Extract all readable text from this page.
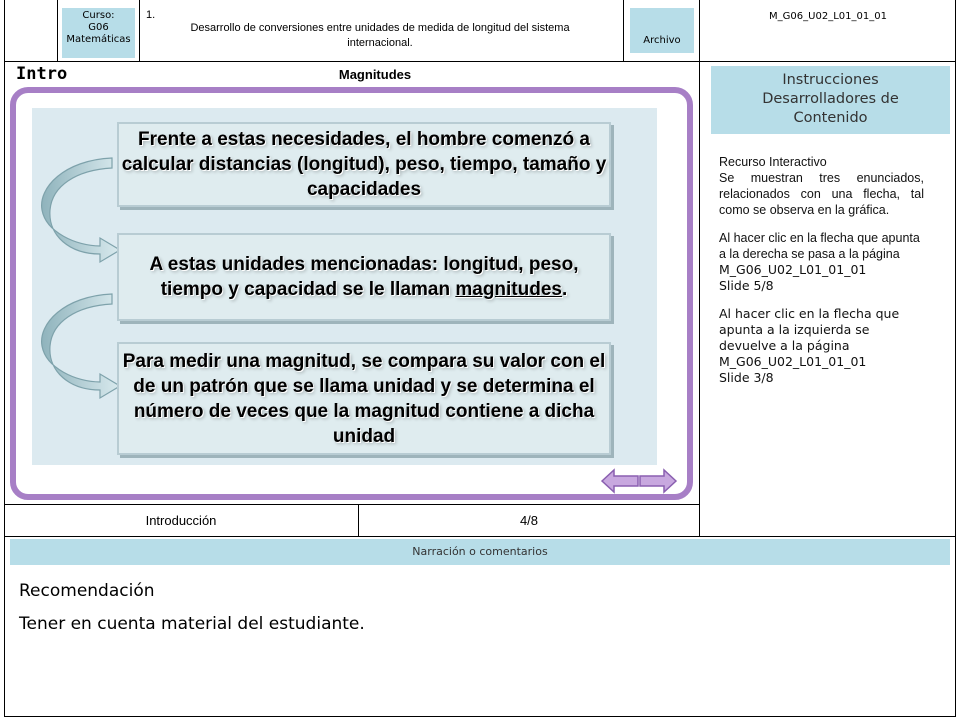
Curso:
G06
Matemáticas
1.
Desarrollo de conversiones entre unidades de medida de longitud del sistema internacional.	Archivo
M_G06_U02_L01_01_01
Intro	Magnitudes
Frente a estas necesidades, el hombre comenzó a calcular distancias (longitud), peso, tiempo, tamaño y capacidades
A estas unidades mencionadas: longitud, peso, tiempo y capacidad se le llaman magnitudes.
Para medir una magnitud, se compara su valor con el de un patrón que se llama unidad y se determina el número de veces que la magnitud contiene a dicha unidad
Introducción	4/8
Instrucciones
Desarrolladores de
Contenido
Recurso Interactivo
Se muestran tres enunciados, relacionados con una flecha, tal como se observa en la gráfica.
Al hacer clic en la flecha que apunta a la derecha se pasa a la página
M_G06_U02_L01_01_01
Slide 5/8
Al hacer clic en la flecha que apunta a la izquierda se devuelve a la página
M_G06_U02_L01_01_01
Slide 3/8
Narración o comentarios
Recomendación
Tener en cuenta material del estudiante.
